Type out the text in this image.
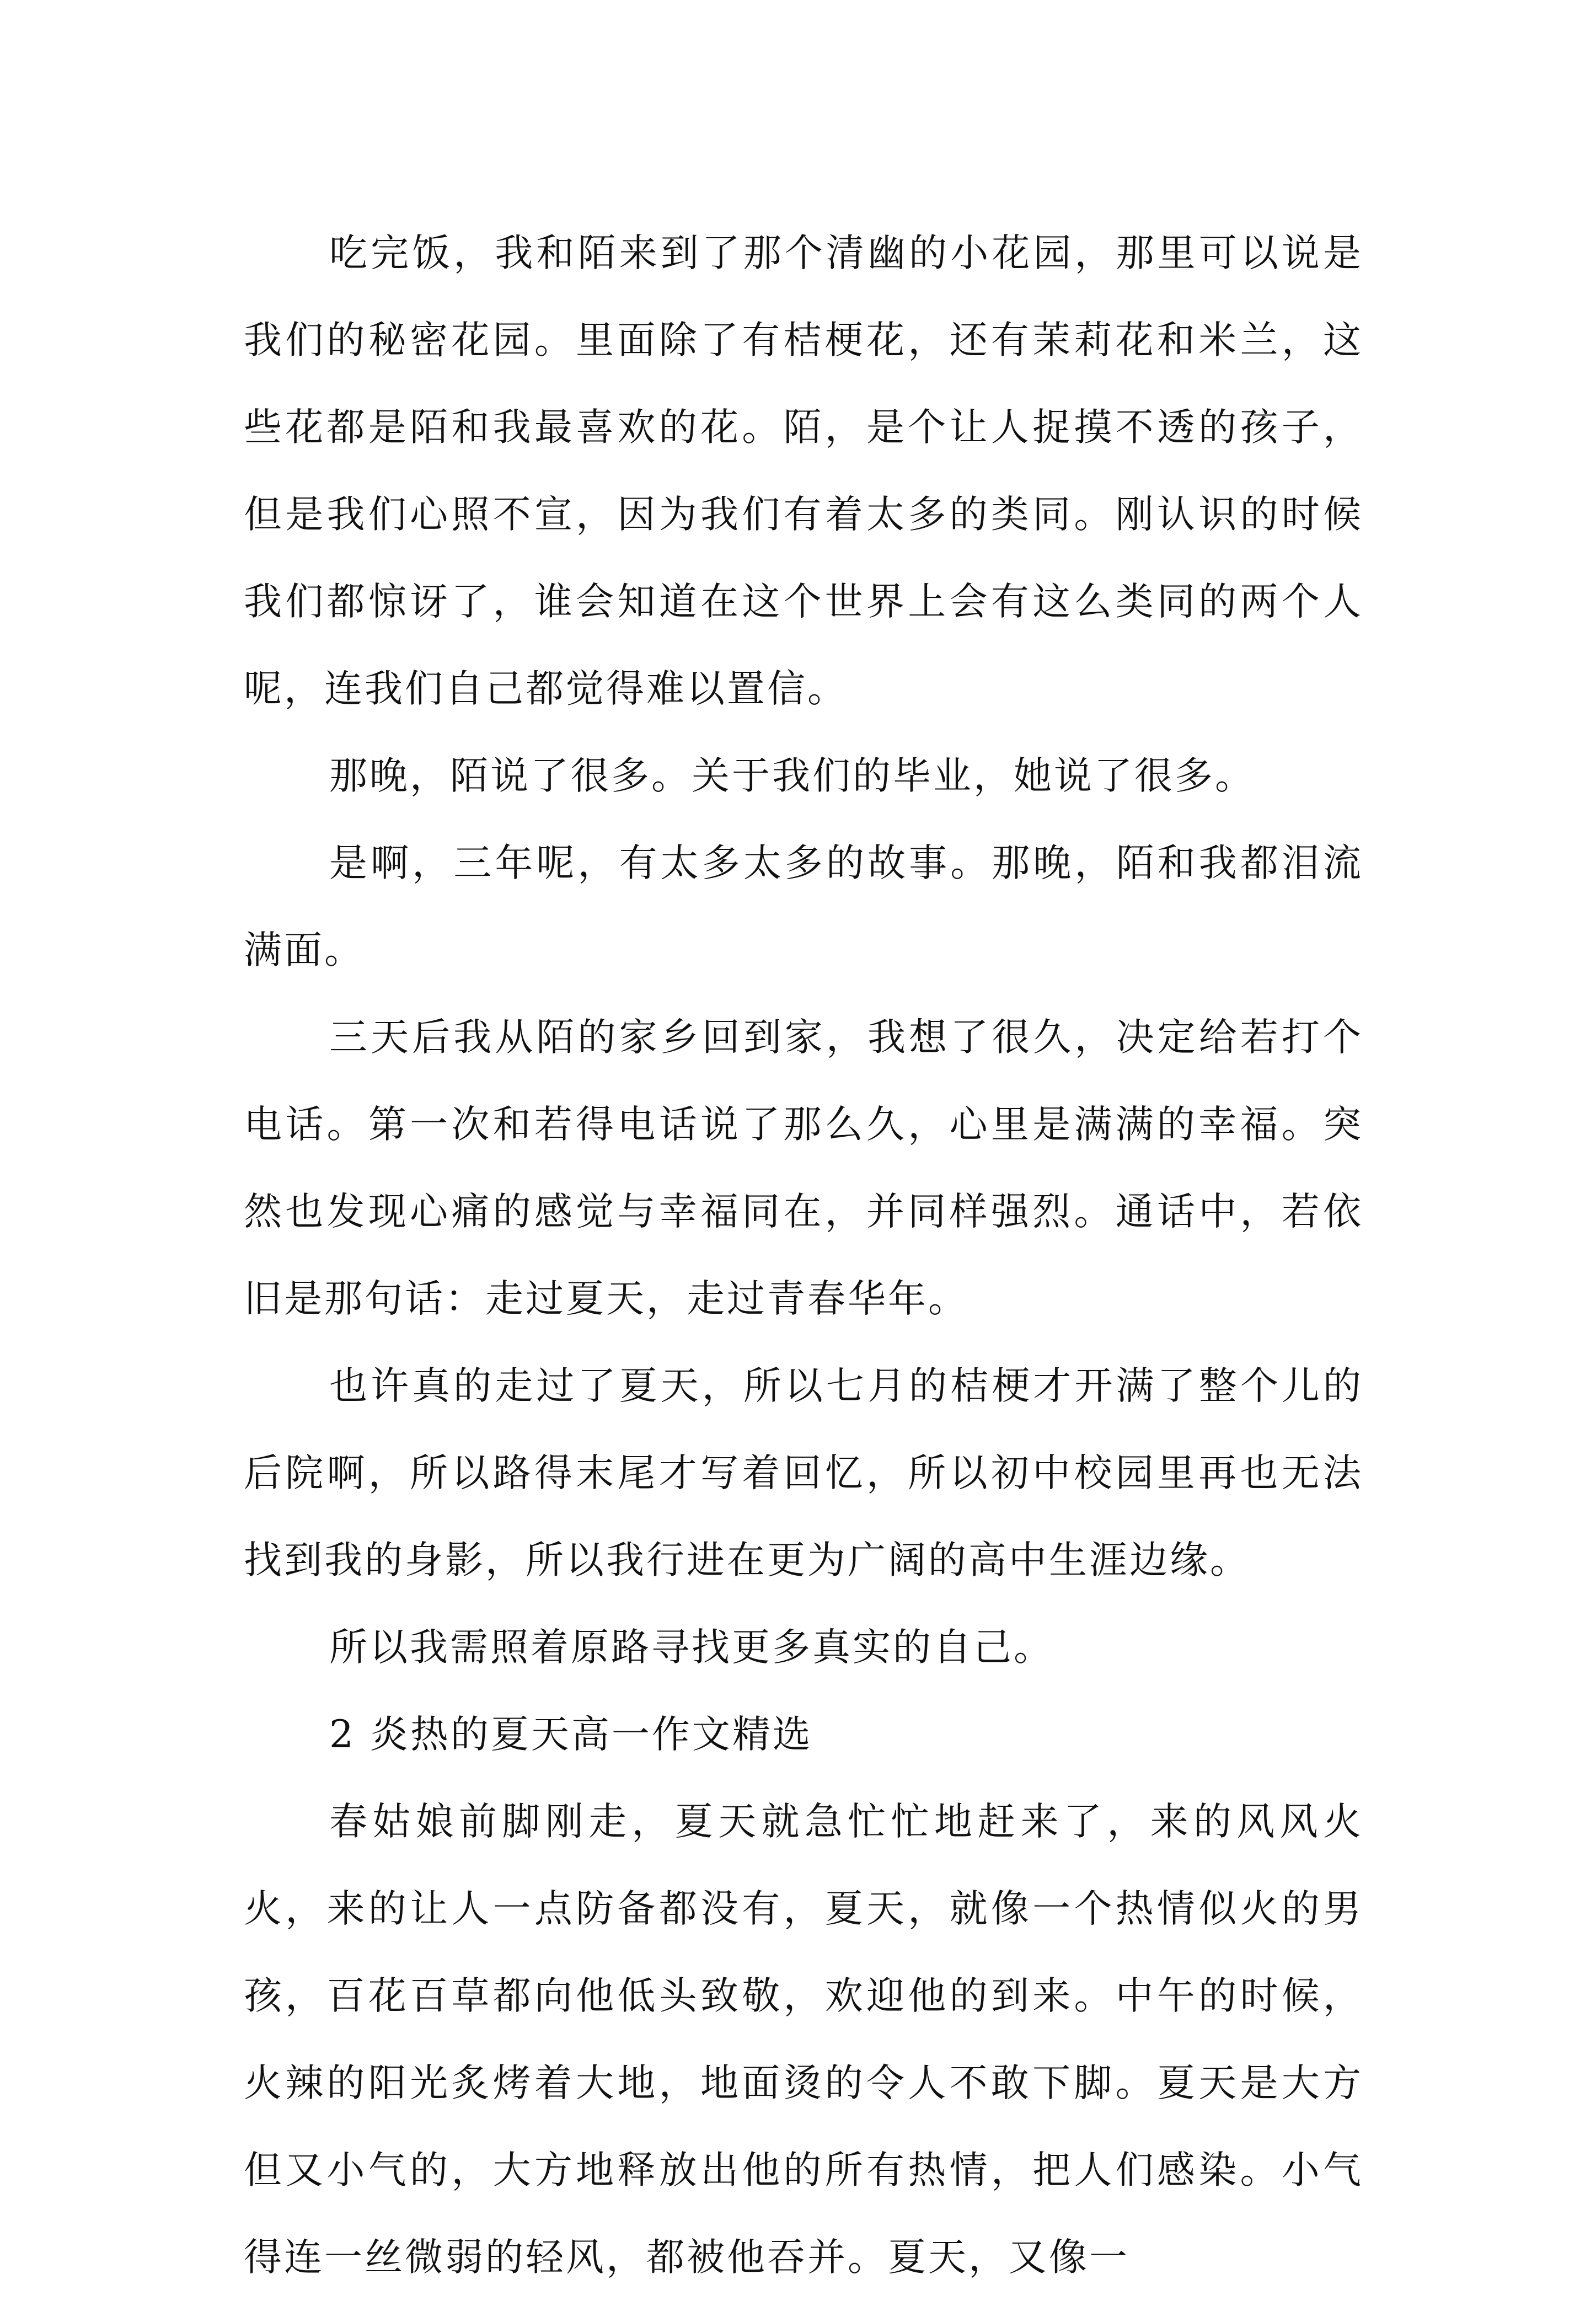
吃完饭，我和陌来到了那个清幽的小花园，那里可以说是我们的秘密花园。里面除了有桔梗花，还有茉莉花和米兰，这些花都是陌和我最喜欢的花。陌，是个让人捉摸不透的孩子，但是我们心照不宣，因为我们有着太多的类同。刚认识的时候我们都惊讶了，谁会知道在这个世界上会有这么类同的两个人呢，连我们自己都觉得难以置信。

那晚，陌说了很多。关于我们的毕业，她说了很多。

是啊，三年呢，有太多太多的故事。那晚，陌和我都泪流满面。

三天后我从陌的家乡回到家，我想了很久，决定给若打个电话。第一次和若得电话说了那么久，心里是满满的幸福。突然也发现心痛的感觉与幸福同在，并同样强烈。通话中，若依旧是那句话：走过夏天，走过青春华年。

也许真的走过了夏天，所以七月的桔梗才开满了整个儿的后院啊，所以路得末尾才写着回忆，所以初中校园里再也无法找到我的身影，所以我行进在更为广阔的高中生涯边缘。

所以我需照着原路寻找更多真实的自己。

2 炎热的夏天高一作文精选

春姑娘前脚刚走，夏天就急忙忙地赶来了，来的风风火火，来的让人一点防备都没有，夏天，就像一个热情似火的男孩，百花百草都向他低头致敬，欢迎他的到来。中午的时候，火辣的阳光炙烤着大地，地面烫的令人不敢下脚。夏天是大方但又小气的，大方地释放出他的所有热情，把人们感染。小气得连一丝微弱的轻风，都被他吞并。夏天，又像一
